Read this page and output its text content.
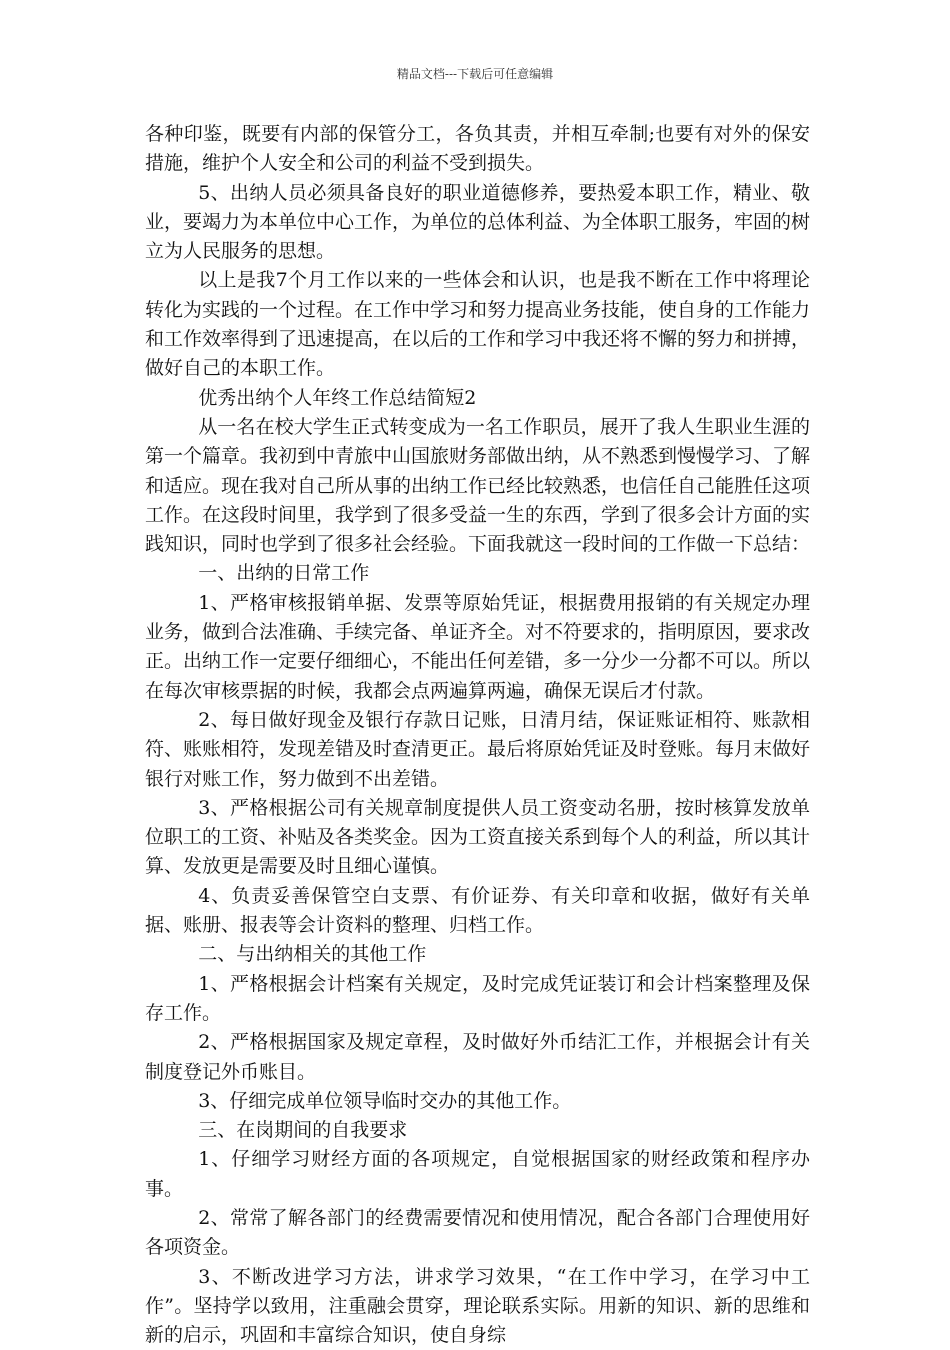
精品文档---下载后可任意编辑

各种印鉴，既要有内部的保管分工，各负其责，并相互牵制;也要有对外的保安措施，维护个人安全和公司的利益不受到损失。

5、出纳人员必须具备良好的职业道德修养，要热爱本职工作，精业、敬业，要竭力为本单位中心工作，为单位的总体利益、为全体职工服务，牢固的树立为人民服务的思想。

以上是我7个月工作以来的一些体会和认识，也是我不断在工作中将理论转化为实践的一个过程。在工作中学习和努力提高业务技能，使自身的工作能力和工作效率得到了迅速提高，在以后的工作和学习中我还将不懈的努力和拼搏，做好自己的本职工作。

优秀出纳个人年终工作总结简短2

从一名在校大学生正式转变成为一名工作职员，展开了我人生职业生涯的第一个篇章。我初到中青旅中山国旅财务部做出纳，从不熟悉到慢慢学习、了解和适应。现在我对自己所从事的出纳工作已经比较熟悉，也信任自己能胜任这项工作。在这段时间里，我学到了很多受益一生的东西，学到了很多会计方面的实践知识，同时也学到了很多社会经验。下面我就这一段时间的工作做一下总结：

一、出纳的日常工作

1、严格审核报销单据、发票等原始凭证，根据费用报销的有关规定办理业务，做到合法准确、手续完备、单证齐全。对不符要求的，指明原因，要求改正。出纳工作一定要仔细细心，不能出任何差错，多一分少一分都不可以。所以在每次审核票据的时候，我都会点两遍算两遍，确保无误后才付款。

2、每日做好现金及银行存款日记账，日清月结，保证账证相符、账款相符、账账相符，发现差错及时查清更正。最后将原始凭证及时登账。每月末做好银行对账工作，努力做到不出差错。

3、严格根据公司有关规章制度提供人员工资变动名册，按时核算发放单位职工的工资、补贴及各类奖金。因为工资直接关系到每个人的利益，所以其计算、发放更是需要及时且细心谨慎。

4、负责妥善保管空白支票、有价证券、有关印章和收据，做好有关单据、账册、报表等会计资料的整理、归档工作。

二、与出纳相关的其他工作

1、严格根据会计档案有关规定，及时完成凭证装订和会计档案整理及保存工作。

2、严格根据国家及规定章程，及时做好外币结汇工作，并根据会计有关制度登记外币账目。

3、仔细完成单位领导临时交办的其他工作。

三、在岗期间的自我要求

1、仔细学习财经方面的各项规定，自觉根据国家的财经政策和程序办事。

2、常常了解各部门的经费需要情况和使用情况，配合各部门合理使用好各项资金。

3、不断改进学习方法，讲求学习效果，“在工作中学习，在学习中工作”。坚持学以致用，注重融会贯穿，理论联系实际。用新的知识、新的思维和新的启示，巩固和丰富综合知识，使自身综
